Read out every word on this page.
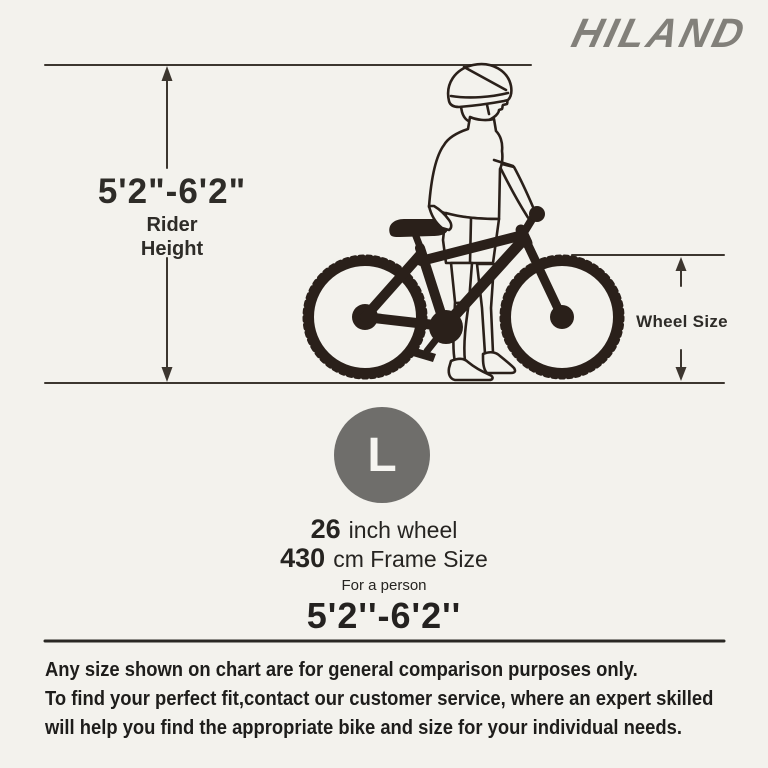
HILAND
5'2"-6'2"
Rider
Height
Wheel Size
L
26 inch wheel
430 cm Frame Size
For a person
5'2''-6'2''
Any size shown on chart are for general comparison purposes only.
To find your perfect fit,contact our customer service, where an expert skilled
will help you find the appropriate bike and size for your individual needs.
